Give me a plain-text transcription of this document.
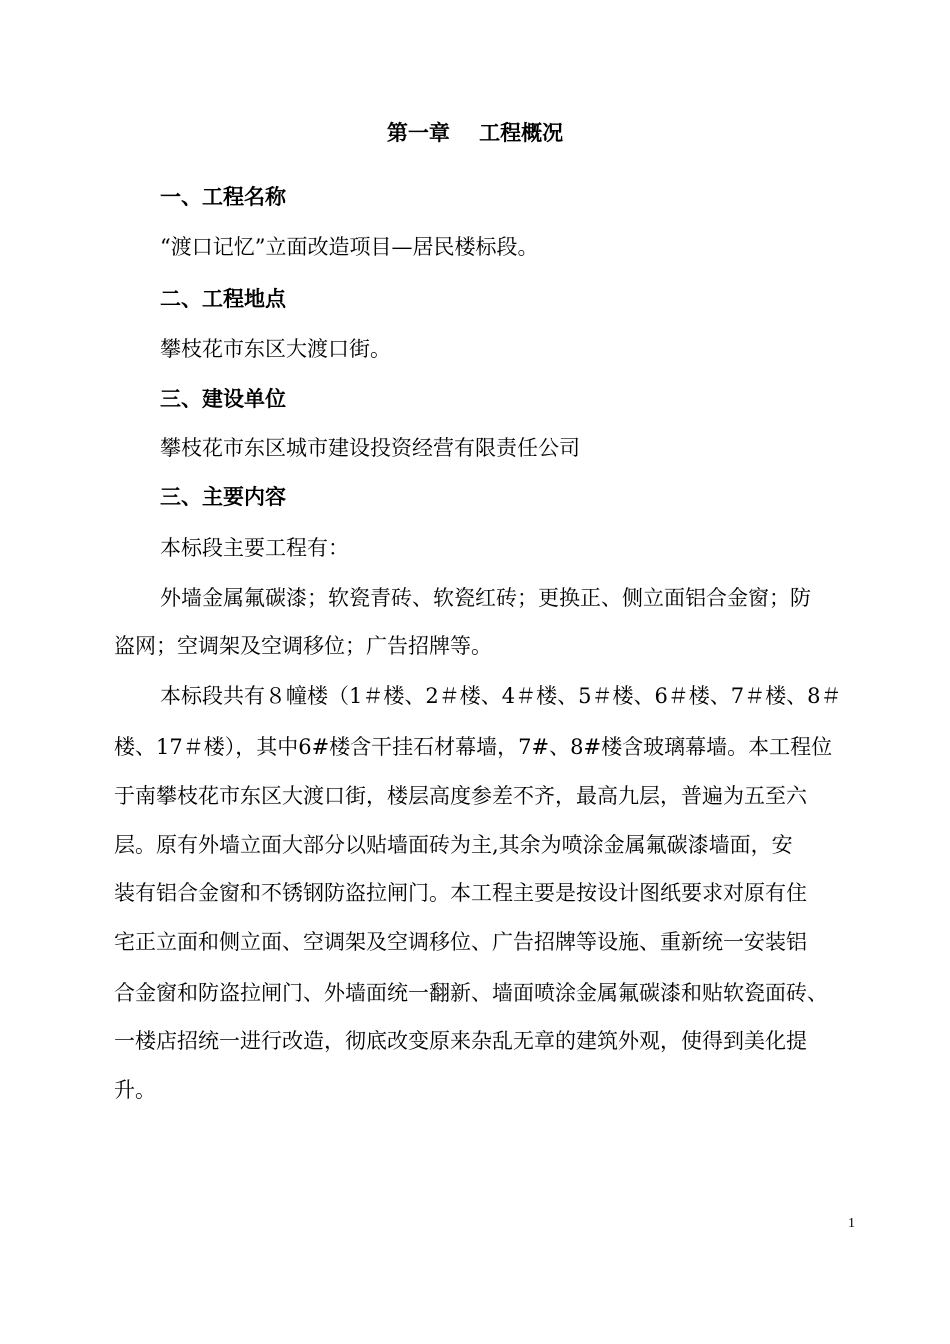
第一章    工程概况
一、工程名称
“渡口记忆”立面改造项目—居民楼标段。
二、工程地点
攀枝花市东区大渡口街。
三、建设单位
攀枝花市东区城市建设投资经营有限责任公司
三、主要内容
本标段主要工程有：
外墙金属氟碳漆；软瓷青砖、软瓷红砖；更换正、侧立面铝合金窗；防
盗网；空调架及空调移位；广告招牌等。
本标段共有８幢楼（1＃楼、2＃楼、4＃楼、5＃楼、6＃楼、7＃楼、8＃
楼、17＃楼），其中6#楼含干挂石材幕墙，7#、8#楼含玻璃幕墙。本工程位
于南攀枝花市东区大渡口街，楼层高度参差不齐，最高九层，普遍为五至六
层。原有外墙立面大部分以贴墙面砖为主,其余为喷涂金属氟碳漆墙面，安
装有铝合金窗和不锈钢防盗拉闸门。本工程主要是按设计图纸要求对原有住
宅正立面和侧立面、空调架及空调移位、广告招牌等设施、重新统一安装铝
合金窗和防盗拉闸门、外墙面统一翻新、墙面喷涂金属氟碳漆和贴软瓷面砖、
一楼店招统一进行改造，彻底改变原来杂乱无章的建筑外观，使得到美化提
升。
1
